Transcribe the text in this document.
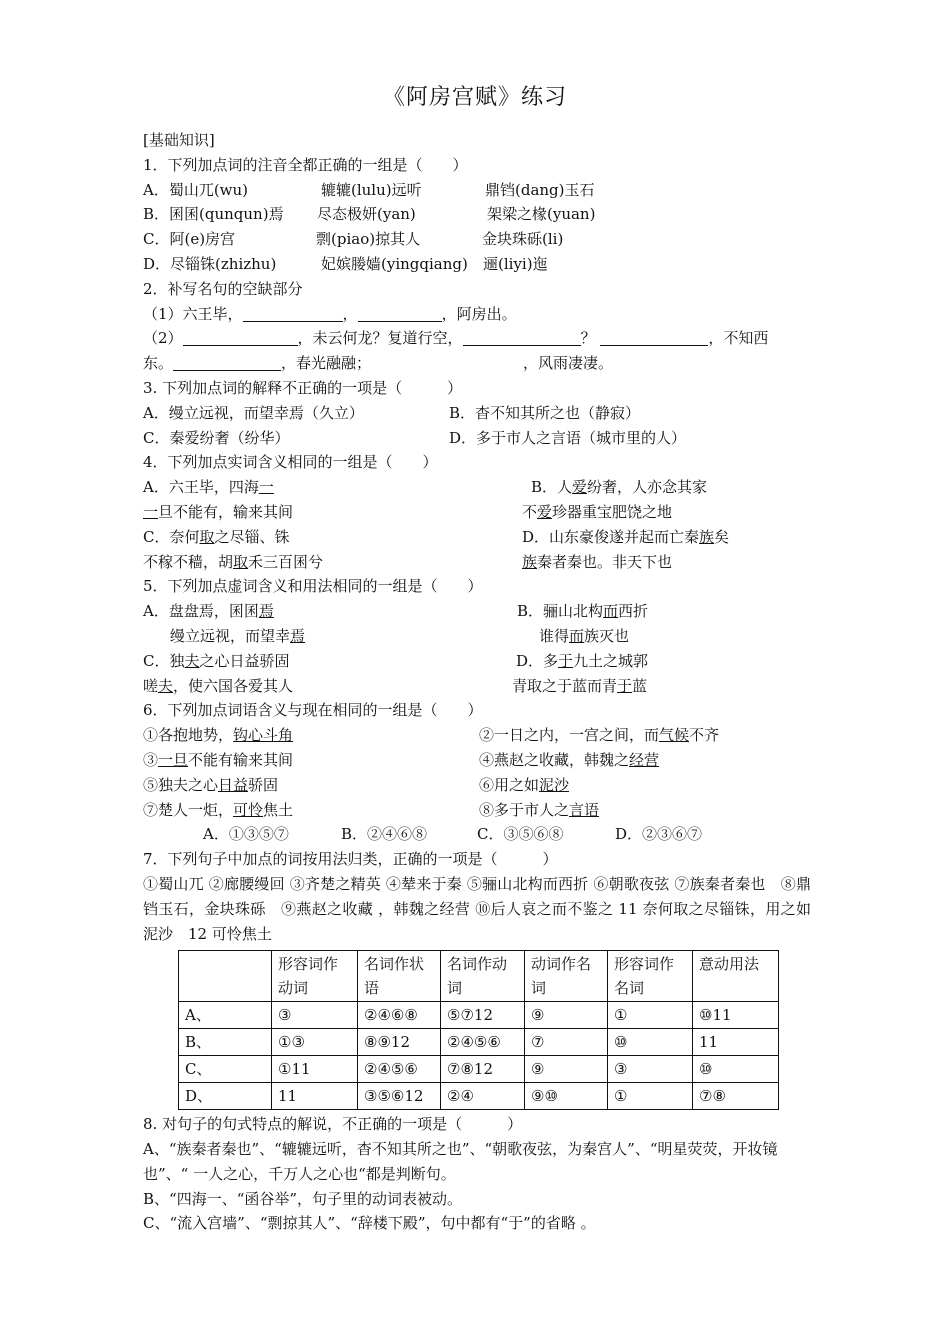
《阿房宫赋》练习
[基础知识]
1．下列加点词的注音全都正确的一组是（　　）
A．蜀山兀(wu)	辘辘(lulu)远听	鼎铛(dang)玉石
B．囷囷(qunqun)焉 尽态极妍(yan)	架梁之椽(yuan)
C．阿(e)房宫	剽(piao)掠其人	金块珠砾(li)
D．尽锱铢(zhizhu)	妃嫔媵嫱(yingqiang) 逦(liyi)迤
2．补写名句的空缺部分
（1）六王毕，	，	，阿房出。
（2）	，未云何龙？复道行空，	？	，不知西
东。	，春光融融；	，风雨凄凄。
3. 下列加点词的解释不正确的一项是（　　　）
A．缦立远视，而望幸焉（久立）	B．杳不知其所之也（静寂）
C．秦爱纷奢（纷华）	D．多于市人之言语（城市里的人）
4．下列加点实词含义相同的一组是（　　）
A．六王毕，四海一	B．人爱纷奢，人亦念其家
一旦不能有，输来其间	不爱珍器重宝肥饶之地
C．奈何取之尽锱、铢	D．山东豪俊遂并起而亡秦族矣
不稼不穑，胡取禾三百囷兮	族秦者秦也。非天下也
5．下列加点虚词含义和用法相同的一组是（　　）
A．盘盘焉，囷囷焉	B．骊山北构而西折
缦立远视，而望幸焉	谁得而族灭也
C．独夫之心日益骄固	D．多于九土之城郭
嗟夫，使六国各爱其人	青取之于蓝而青于蓝
6．下列加点词语含义与现在相同的一组是（　　）
①各抱地势，钩心斗角	②一日之内，一宫之间，而气候不齐
③一旦不能有输来其间	④燕赵之收藏，韩魏之经营
⑤独夫之心日益骄固	⑥用之如泥沙
⑦楚人一炬，可怜焦土	⑧多于市人之言语
A．①③⑤⑦	B．②④⑥⑧	C．③⑤⑥⑧	D．②③⑥⑦
7．下列句子中加点的词按用法归类，正确的一项是（　　　）
①蜀山兀 ②廊腰缦回 ③齐楚之精英 ④辇来于秦 ⑤骊山北构而西折 ⑥朝歌夜弦 ⑦族秦者秦也　⑧鼎铛玉石，金块珠砾　⑨燕赵之收藏 ，韩魏之经营 ⑩后人哀之而不鉴之 11 奈何取之尽锱铢，用之如泥沙　12 可怜焦土
	形容词作动词	名词作状语	名词作动词	动词作名词	形容词作名词	意动用法
A、	③	②④⑥⑧	⑤⑦12	⑨	①	⑩11
B、	①③	⑧⑨12	②④⑤⑥	⑦	⑩	11
C、	①11	②④⑤⑥	⑦⑧12	⑨	③	⑩
D、	11	③⑤⑥12	②④	⑨⑩	①	⑦⑧
8. 对句子的句式特点的解说，不正确的一项是（　　　）
A、“族秦者秦也”、“辘辘远听，杳不知其所之也”、“朝歌夜弦，为秦宫人”、“明星荧荧，开妆镜也”、“ 一人之心，千万人之心也“都是判断句。
B、“四海一、“函谷举”，句子里的动词表被动。
C、“流入宫墙”、“剽掠其人”、“辞楼下殿”，句中都有“于”的省略 。
